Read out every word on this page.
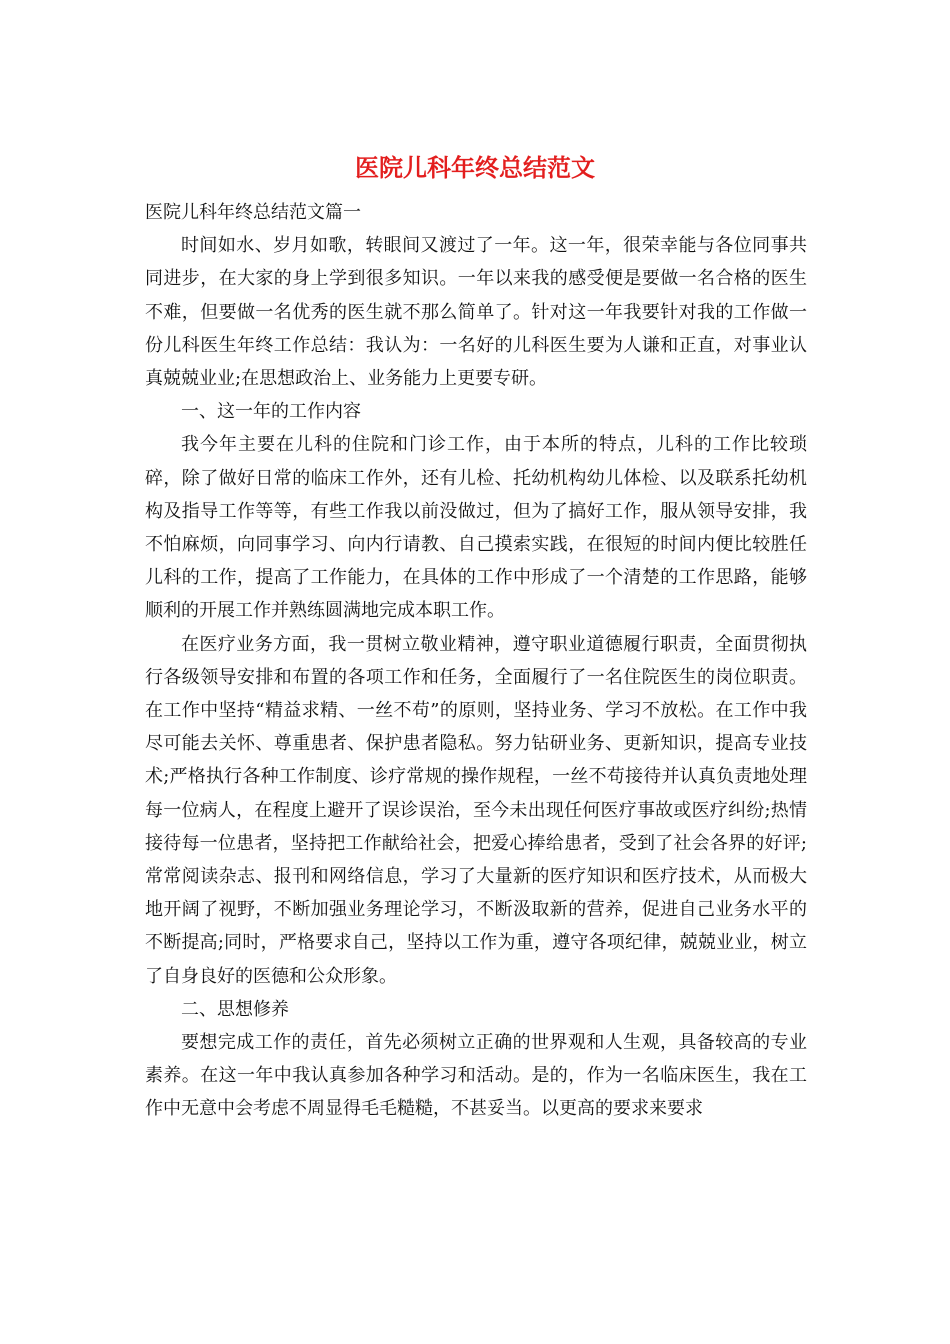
医院儿科年终总结范文

医院儿科年终总结范文篇一

时间如水、岁月如歌，转眼间又渡过了一年。这一年，很荣幸能与各位同事共同进步，在大家的身上学到很多知识。一年以来我的感受便是要做一名合格的医生不难，但要做一名优秀的医生就不那么简单了。针对这一年我要针对我的工作做一份儿科医生年终工作总结：我认为：一名好的儿科医生要为人谦和正直，对事业认真兢兢业业;在思想政治上、业务能力上更要专研。

一、这一年的工作内容

我今年主要在儿科的住院和门诊工作，由于本所的特点，儿科的工作比较琐碎，除了做好日常的临床工作外，还有儿检、托幼机构幼儿体检、以及联系托幼机构及指导工作等等，有些工作我以前没做过，但为了搞好工作，服从领导安排，我不怕麻烦，向同事学习、向内行请教、自己摸索实践，在很短的时间内便比较胜任儿科的工作，提高了工作能力，在具体的工作中形成了一个清楚的工作思路，能够顺利的开展工作并熟练圆满地完成本职工作。

在医疗业务方面，我一贯树立敬业精神，遵守职业道德履行职责，全面贯彻执行各级领导安排和布置的各项工作和任务，全面履行了一名住院医生的岗位职责。在工作中坚持“精益求精、一丝不苟”的原则，坚持业务、学习不放松。在工作中我尽可能去关怀、尊重患者、保护患者隐私。努力钻研业务、更新知识，提高专业技术;严格执行各种工作制度、诊疗常规的操作规程，一丝不苟接待并认真负责地处理每一位病人，在程度上避开了误诊误治，至今未出现任何医疗事故或医疗纠纷;热情接待每一位患者，坚持把工作献给社会，把爱心捧给患者，受到了社会各界的好评;常常阅读杂志、报刊和网络信息，学习了大量新的医疗知识和医疗技术，从而极大地开阔了视野，不断加强业务理论学习，不断汲取新的营养，促进自己业务水平的不断提高;同时，严格要求自己，坚持以工作为重，遵守各项纪律，兢兢业业，树立了自身良好的医德和公众形象。

二、思想修养

要想完成工作的责任，首先必须树立正确的世界观和人生观，具备较高的专业素养。在这一年中我认真参加各种学习和活动。是的，作为一名临床医生，我在工作中无意中会考虑不周显得毛毛糙糙，不甚妥当。以更高的要求来要求
